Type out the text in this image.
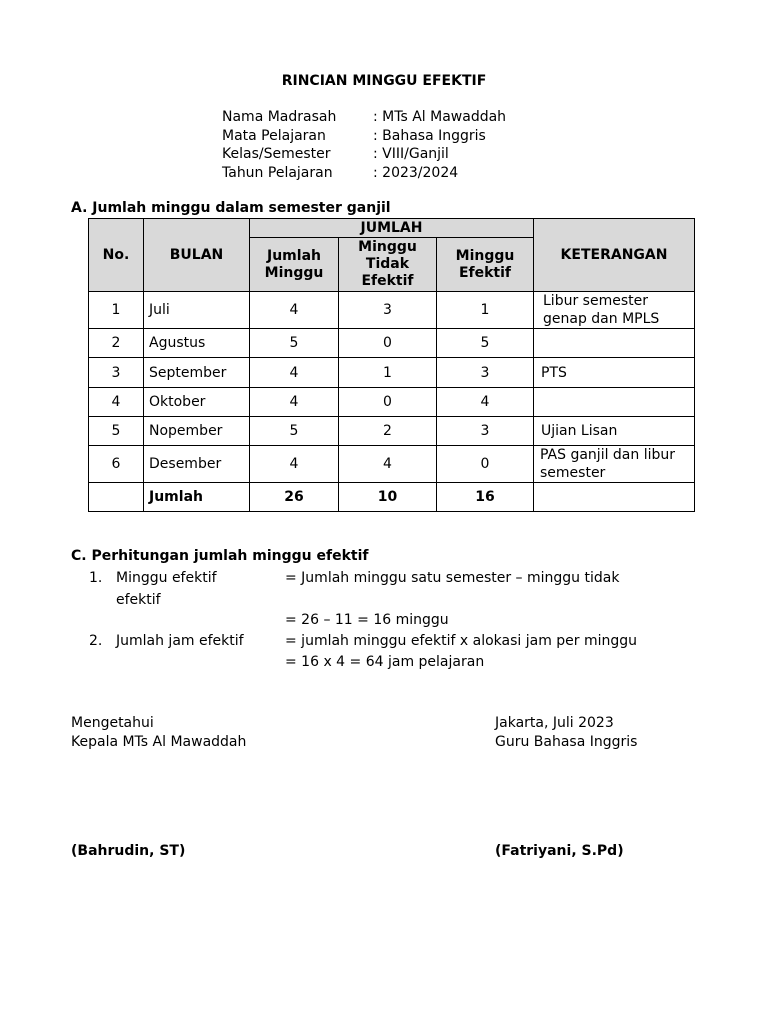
RINCIAN MINGGU EFEKTIF
Nama Madrasah	: MTs Al Mawaddah
Mata Pelajaran	: Bahasa Inggris
Kelas/Semester	: VIII/Ganjil
Tahun Pelajaran	: 2023/2024
A. Jumlah minggu dalam semester ganjil
No.	BULAN	JUMLAH			KETERANGAN
		Jumlah Minggu	Minggu Tidak Efektif	Minggu Efektif	
1	Juli	4	3	1	Libur semester genap dan MPLS
2	Agustus	5	0	5	
3	September	4	1	3	PTS
4	Oktober	4	0	4	
5	Nopember	5	2	3	Ujian Lisan
6	Desember	4	4	0	PAS ganjil dan libur semester
	Jumlah	26	10	16	
C. Perhitungan jumlah minggu efektif
1. Minggu efektif	= Jumlah minggu satu semester – minggu tidak
efektif
= 26 – 11 = 16 minggu
2. Jumlah jam efektif	= jumlah minggu efektif x alokasi jam per minggu
= 16 x 4 = 64 jam pelajaran
Mengetahui
Kepala MTs Al Mawaddah
(Bahrudin, ST)
Jakarta, Juli 2023
Guru Bahasa Inggris
(Fatriyani, S.Pd)
